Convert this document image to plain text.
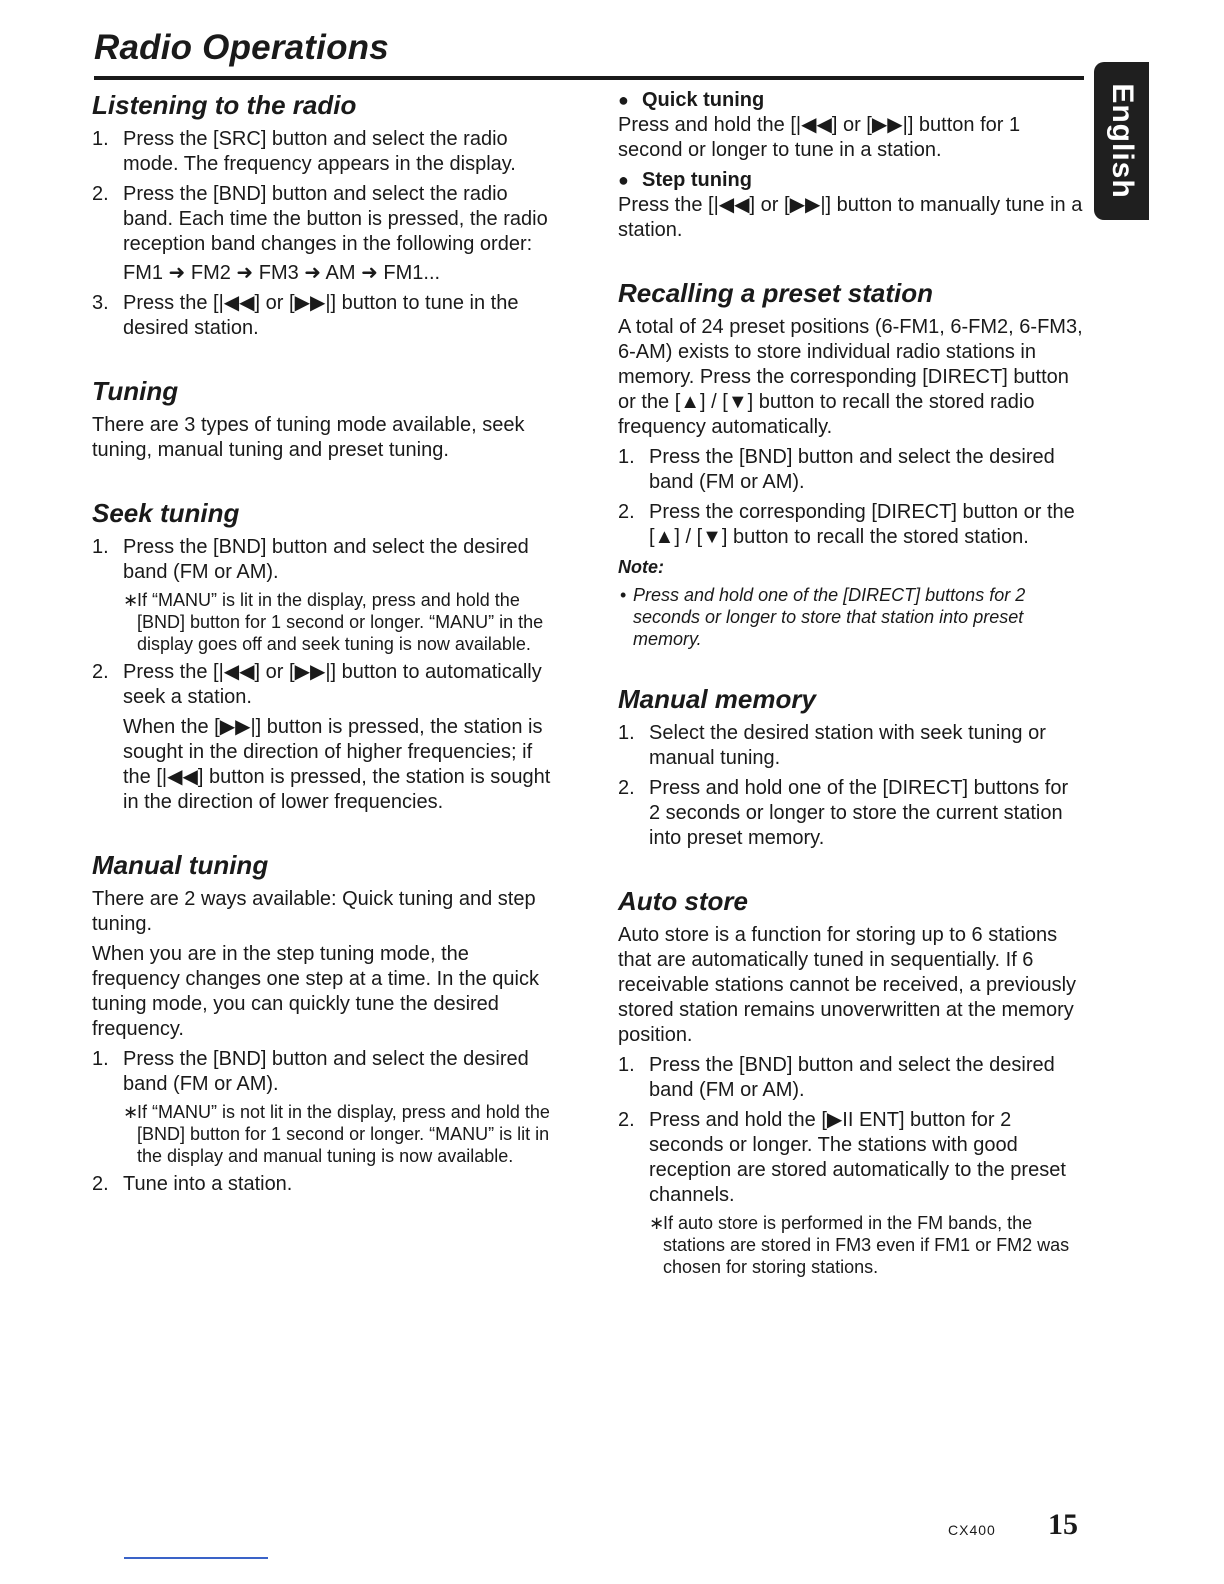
Radio Operations
English
Listening to the radio
1. Press the [SRC] button and select the radio mode. The frequency appears in the display.
2. Press the [BND] button and select the radio band. Each time the button is pressed, the radio reception band changes in the following order:
FM1 ➜ FM2 ➜ FM3 ➜ AM ➜ FM1...
3. Press the [|◀◀] or [▶▶|] button to tune in the desired station.
Tuning

There are 3 types of tuning mode available, seek tuning, manual tuning and preset tuning.

Seek tuning
1. Press the [BND] button and select the desired band (FM or AM).
∗ If “MANU” is lit in the display, press and hold the [BND] button for 1 second or longer. “MANU” in the display goes off and seek tuning is now available.
2. Press the [|◀◀] or [▶▶|] button to automatically seek a station.

When the [▶▶|] button is pressed, the station is sought in the direction of higher frequencies; if the [|◀◀] button is pressed, the station is sought in the direction of lower frequencies.

Manual tuning

There are 2 ways available: Quick tuning and step tuning.

When you are in the step tuning mode, the frequency changes one step at a time. In the quick tuning mode, you can quickly tune the desired frequency.

1. Press the [BND] button and select the desired band (FM or AM).
∗ If “MANU” is not lit in the display, press and hold the [BND] button for 1 second or longer. “MANU” is lit in the display and manual tuning is now available.
2. Tune into a station.
● Quick tuning

Press and hold the [|◀◀] or [▶▶|] button for 1 second or longer to tune in a station.

● Step tuning

Press the [|◀◀] or [▶▶|] button to manually tune in a station.

Recalling a preset station

A total of 24 preset positions (6-FM1, 6-FM2, 6-FM3, 6-AM) exists to store individual radio stations in memory. Press the corresponding [DIRECT] button or the [▲] / [▼] button to recall the stored radio frequency automatically.

1. Press the [BND] button and select the desired band (FM or AM).
2. Press the corresponding [DIRECT] button or the [▲] / [▼] button to recall the stored station.
Note:
• Press and hold one of the [DIRECT] buttons for 2 seconds or longer to store that station into preset memory.
Manual memory
1. Select the desired station with seek tuning or manual tuning.
2. Press and hold one of the [DIRECT] buttons for 2 seconds or longer to store the current station into preset memory.
Auto store

Auto store is a function for storing up to 6 stations that are automatically tuned in sequentially. If 6 receivable stations cannot be received, a previously stored station remains unoverwritten at the memory position.

1. Press the [BND] button and select the desired band (FM or AM).
2. Press and hold the [▶II ENT] button for 2 seconds or longer. The stations with good reception are stored automatically to the preset channels.
∗ If auto store is performed in the FM bands, the stations are stored in FM3 even if FM1 or FM2 was chosen for storing stations.
CX400 15
